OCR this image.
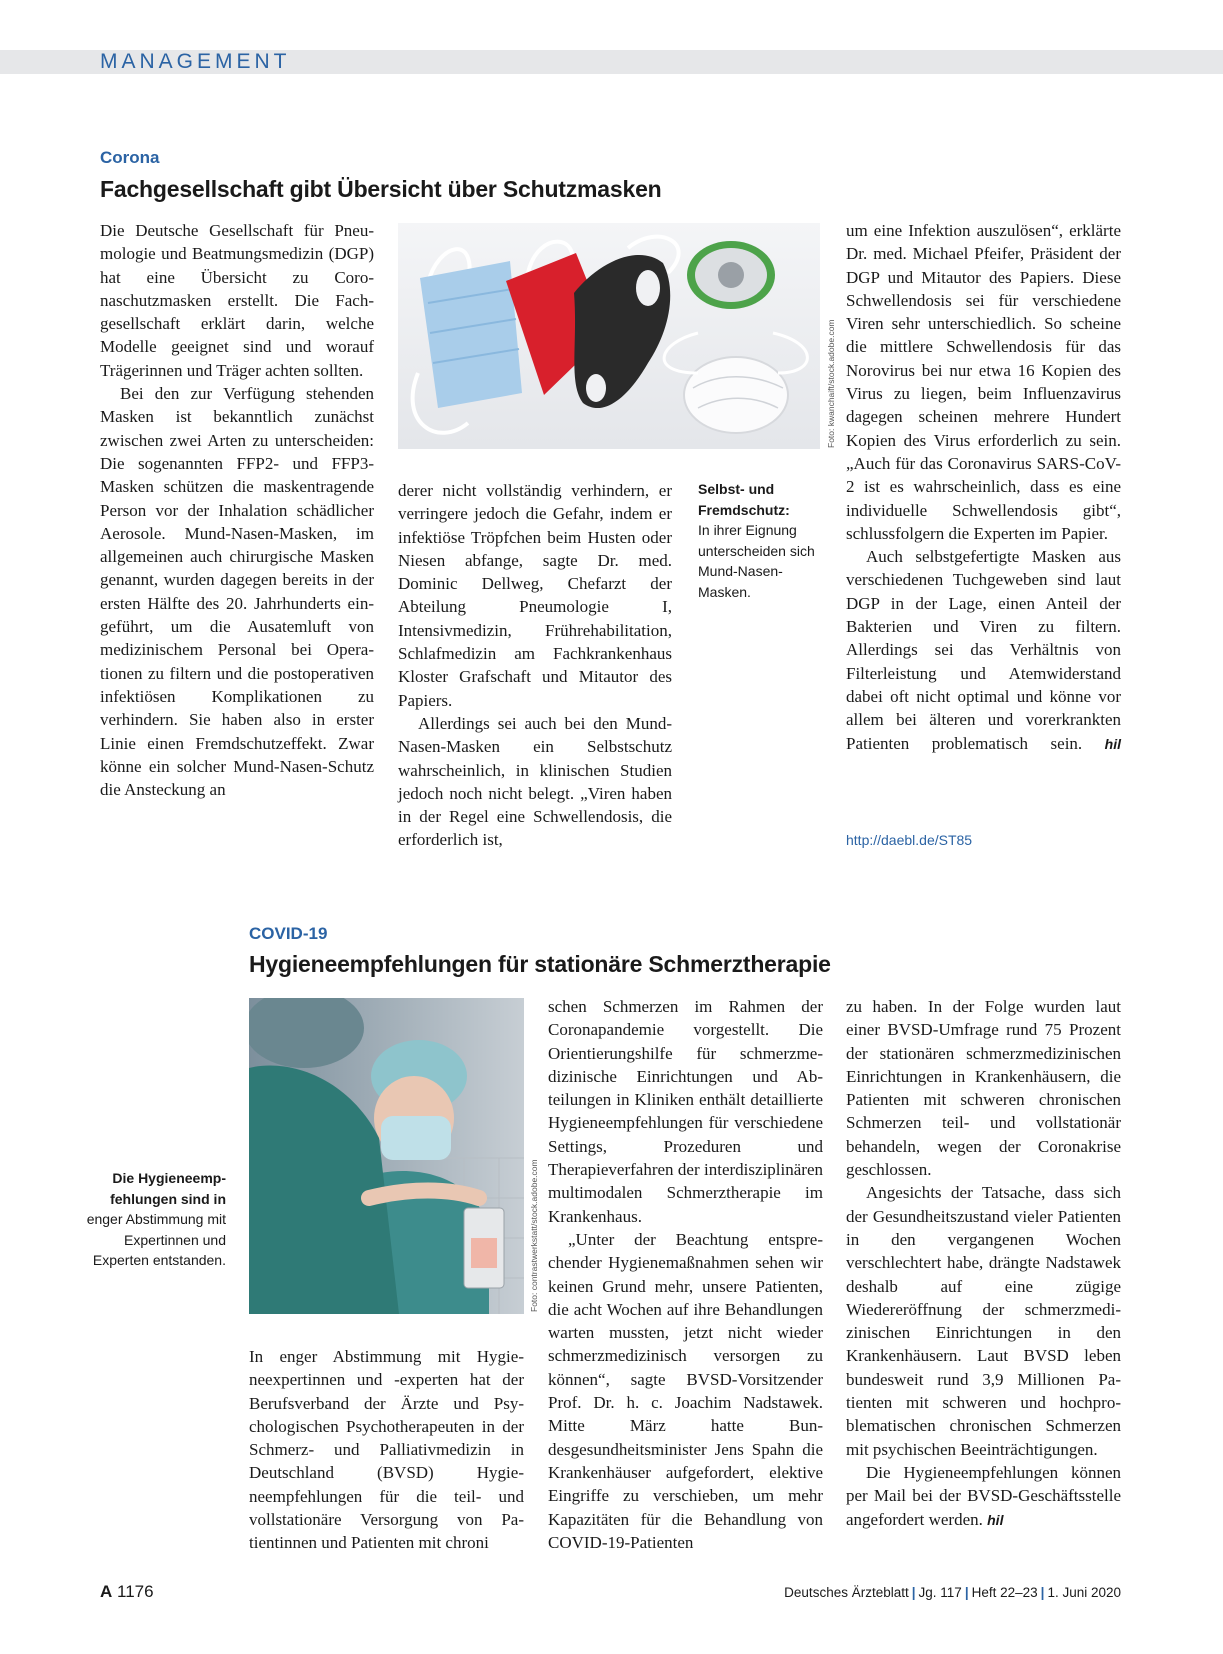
MANAGEMENT
Corona
Fachgesellschaft gibt Übersicht über Schutzmasken

Die Deutsche Gesellschaft für Pneumologie und Beatmungsmedizin (DGP) hat eine Übersicht zu Coronaschutzmasken erstellt. Die Fachgesellschaft erklärt darin, welche Modelle geeignet sind und worauf Trägerinnen und Träger achten sollten.

Bei den zur Verfügung stehenden Masken ist bekanntlich zunächst zwischen zwei Arten zu unterscheiden: Die sogenannten FFP2- und FFP3-Masken schützen die maskentragende Person vor der Inhalation schädlicher Aerosole. Mund-Nasen-Masken, im allgemeinen auch chirurgische Masken genannt, wurden dagegen bereits in der ersten Hälfte des 20. Jahrhunderts eingeführt, um die Ausatemluft von medizinischem Personal bei Operationen zu filtern und die postoperativen infektiösen Komplikationen zu verhindern. Sie haben also in erster Linie einen Fremdschutzeffekt. Zwar könne ein solcher Mund-Nasen-Schutz die Ansteckung an

Foto: kwanchaift/stock.adobe.com
Selbst- und Fremdschutz:
In ihrer Eignung unterscheiden sich Mund-Nasen-Masken.

derer nicht vollständig verhindern, er verringere jedoch die Gefahr, indem er infektiöse Tröpfchen beim Husten oder Niesen abfange, sagte Dr. med. Dominic Dellweg, Chefarzt der Abteilung Pneumologie I, Intensivmedizin, Frührehabilitation, Schlafmedizin am Fachkrankenhaus Kloster Grafschaft und Mitautor des Papiers.

Allerdings sei auch bei den Mund-Nasen-Masken ein Selbstschutz wahrscheinlich, in klinischen Studien jedoch noch nicht belegt. „Viren haben in der Regel eine Schwellendosis, die erforderlich ist,

um eine Infektion auszulösen“, erklärte Dr. med. Michael Pfeifer, Präsident der DGP und Mitautor des Papiers. Diese Schwellendosis sei für verschiedene Viren sehr unterschiedlich. So scheine die mittlere Schwellendosis für das Norovirus bei nur etwa 16 Kopien des Virus zu liegen, beim Influenzavirus dagegen scheinen mehrere Hundert Kopien des Virus erforderlich zu sein. „Auch für das Coronavirus SARS-CoV-2 ist es wahrscheinlich, dass es eine individuelle Schwellendosis gibt“, schlussfolgern die Experten im Papier.

Auch selbstgefertigte Masken aus verschiedenen Tuchgeweben sind laut DGP in der Lage, einen Anteil der Bakterien und Viren zu filtern. Allerdings sei das Verhältnis von Filterleistung und Atemwiderstand dabei oft nicht optimal und könne vor allem bei älteren und vorerkrankten Patienten problematisch sein. hil

http://daebl.de/ST85
COVID-19
Hygieneempfehlungen für stationäre Schmerztherapie
Foto: contrastwerkstatt/stock.adobe.com
Die Hygieneempfehlungen sind in
enger Abstimmung mit Expertinnen und Experten entstanden.

In enger Abstimmung mit Hygieneexpertinnen und -experten hat der Berufsverband der Ärzte und Psychologischen Psychotherapeuten in der Schmerz- und Palliativmedizin in Deutschland (BVSD) Hygieneempfehlungen für die teil- und vollstationäre Versorgung von Patientinnen und Patienten mit chroni

schen Schmerzen im Rahmen der Coronapandemie vorgestellt. Die Orientierungshilfe für schmerzmedizinische Einrichtungen und Abteilungen in Kliniken enthält detaillierte Hygieneempfehlungen für verschiedene Settings, Prozeduren und Therapieverfahren der interdisziplinären multimodalen Schmerztherapie im Krankenhaus.

„Unter der Beachtung entsprechender Hygienemaßnahmen sehen wir keinen Grund mehr, unsere Patienten, die acht Wochen auf ihre Behandlungen warten mussten, jetzt nicht wieder schmerzmedizinisch versorgen zu können“, sagte BVSD-Vorsitzender Prof. Dr. h. c. Joachim Nadstawek. Mitte März hatte Bundesgesundheitsminister Jens Spahn die Krankenhäuser aufgefordert, elektive Eingriffe zu verschieben, um mehr Kapazitäten für die Behandlung von COVID-19-Patienten

zu haben. In der Folge wurden laut einer BVSD-Umfrage rund 75 Prozent der stationären schmerzmedizinischen Einrichtungen in Krankenhäusern, die Patienten mit schweren chronischen Schmerzen teil- und vollstationär behandeln, wegen der Coronakrise geschlossen.

Angesichts der Tatsache, dass sich der Gesundheitszustand vieler Patienten in den vergangenen Wochen verschlechtert habe, drängte Nadstawek deshalb auf eine zügige Wiedereröffnung der schmerzmedizinischen Einrichtungen in den Krankenhäusern. Laut BVSD leben bundesweit rund 3,9 Millionen Patienten mit schweren und hochproblematischen chronischen Schmerzen mit psychischen Beeinträchtigungen.

Die Hygieneempfehlungen können per Mail bei der BVSD-Geschäftsstelle angefordert werden. hil

A 1176	Deutsches Ärzteblatt | Jg. 117 | Heft 22–23 | 1. Juni 2020
